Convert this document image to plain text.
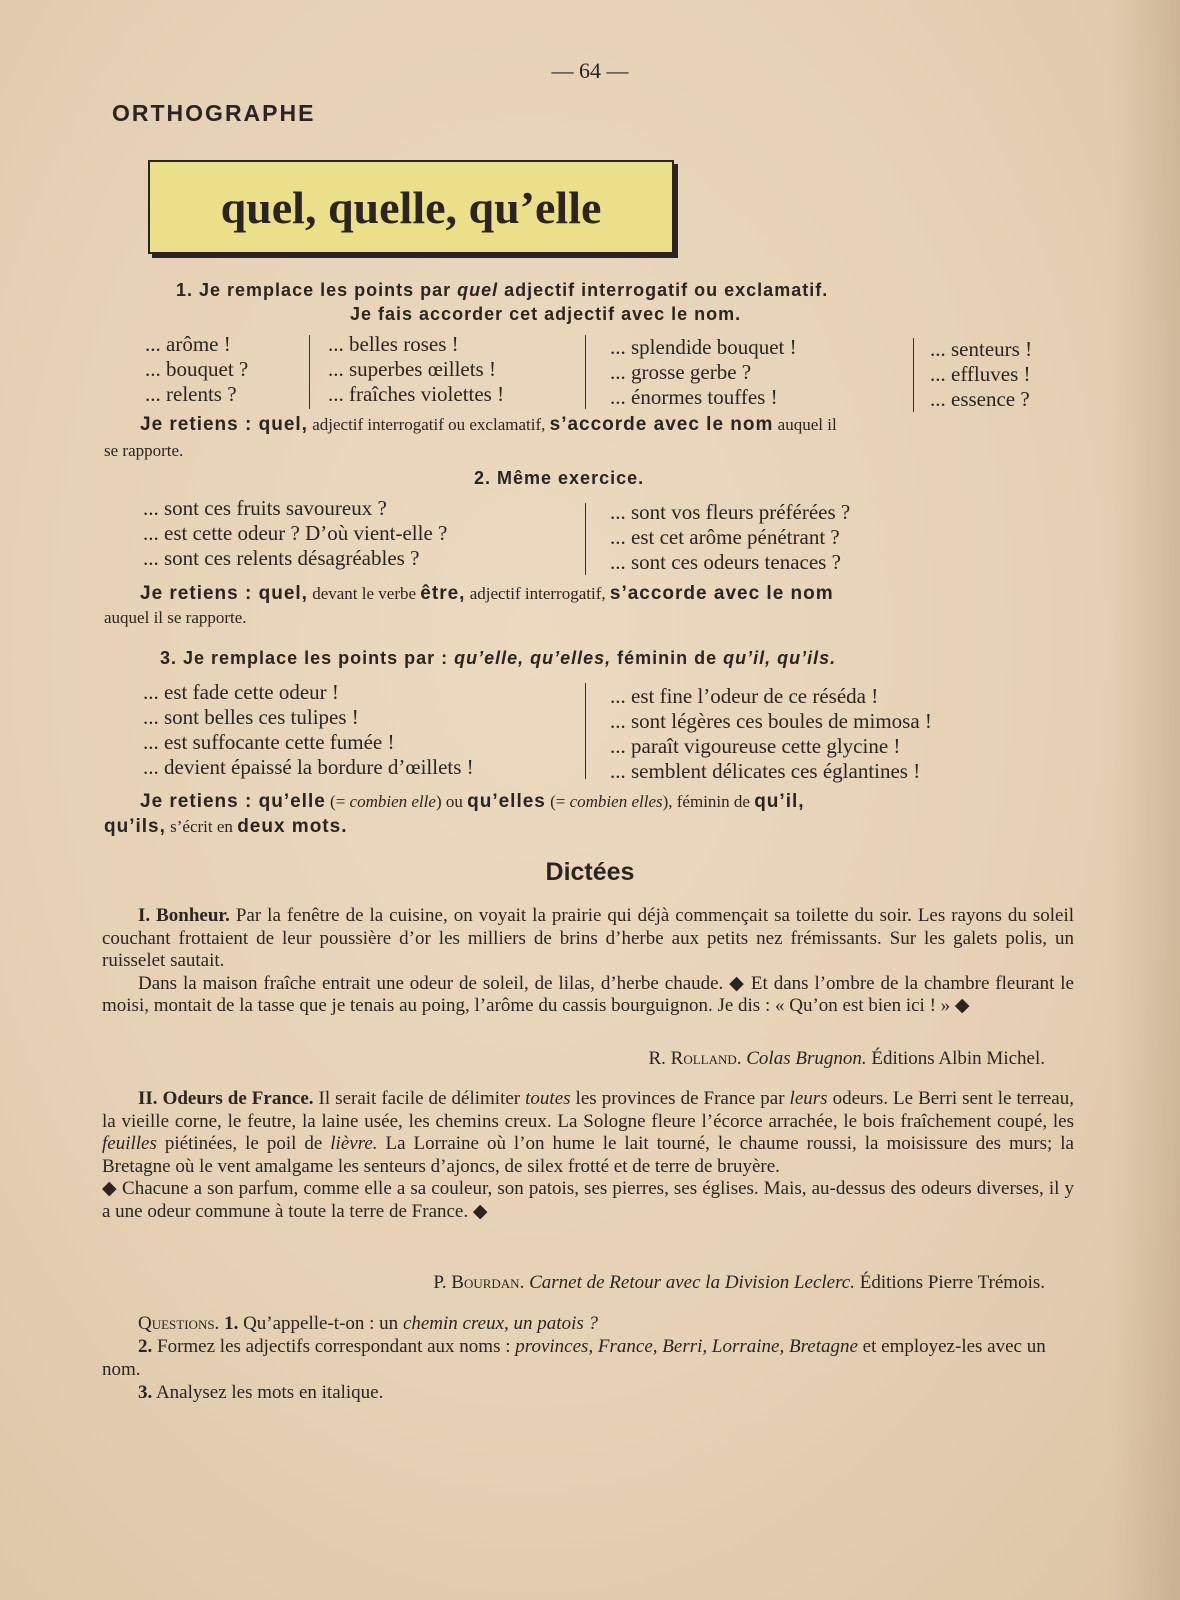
— 64 —
ORTHOGRAPHE
quel, quelle, qu’elle
1. Je remplace les points par quel adjectif interrogatif ou exclamatif.
Je fais accorder cet adjectif avec le nom.
... arôme !
... bouquet ?
... relents ?
... belles roses !
... superbes œillets !
... fraîches violettes !
... splendide bouquet !
... grosse gerbe ?
... énormes touffes !
... senteurs !
... effluves !
... essence ?
Je retiens : quel, adjectif interrogatif ou exclamatif, s’accorde avec le nom auquel il
se rapporte.
2. Même exercice.
... sont ces fruits savoureux ?
... est cette odeur ? D’où vient-elle ?
... sont ces relents désagréables ?
... sont vos fleurs préférées ?
... est cet arôme pénétrant ?
... sont ces odeurs tenaces ?
Je retiens : quel, devant le verbe être, adjectif interrogatif, s’accorde avec le nom
auquel il se rapporte.
3. Je remplace les points par : qu’elle, qu’elles, féminin de qu’il, qu’ils.
... est fade cette odeur !
... sont belles ces tulipes !
... est suffocante cette fumée !
... devient épaissé la bordure d’œillets !
... est fine l’odeur de ce réséda !
... sont légères ces boules de mimosa !
... paraît vigoureuse cette glycine !
... semblent délicates ces églantines !
Je retiens : qu’elle (= combien elle) ou qu’elles (= combien elles), féminin de qu’il,
qu’ils, s’écrit en deux mots.
Dictées

I. Bonheur. Par la fenêtre de la cuisine, on voyait la prairie qui déjà commençait sa toilette du soir. Les rayons du soleil couchant frottaient de leur poussière d’or les milliers de brins d’herbe aux petits nez frémissants. Sur les galets polis, un ruisselet sautait.

Dans la maison fraîche entrait une odeur de soleil, de lilas, d’herbe chaude. ◆ Et dans l’ombre de la chambre fleurant le moisi, montait de la tasse que je tenais au poing, l’arôme du cassis bourguignon. Je dis : « Qu’on est bien ici ! » ◆

R. Rolland. Colas Brugnon. Éditions Albin Michel.

II. Odeurs de France. Il serait facile de délimiter toutes les provinces de France par leurs odeurs. Le Berri sent le terreau, la vieille corne, le feutre, la laine usée, les chemins creux. La Sologne fleure l’écorce arrachée, le bois fraîchement coupé, les feuilles piétinées, le poil de lièvre. La Lorraine où l’on hume le lait tourné, le chaume roussi, la moisissure des murs; la Bretagne où le vent amalgame les senteurs d’ajoncs, de silex frotté et de terre de bruyère.

◆ Chacune a son parfum, comme elle a sa couleur, son patois, ses pierres, ses églises. Mais, au-dessus des odeurs diverses, il y a une odeur commune à toute la terre de France. ◆

P. Bourdan. Carnet de Retour avec la Division Leclerc. Éditions Pierre Trémois.

Questions. 1. Qu’appelle-t-on : un chemin creux, un patois ?

2. Formez les adjectifs correspondant aux noms : provinces, France, Berri, Lorraine, Bretagne et employez-les avec un nom.

3. Analysez les mots en italique.
